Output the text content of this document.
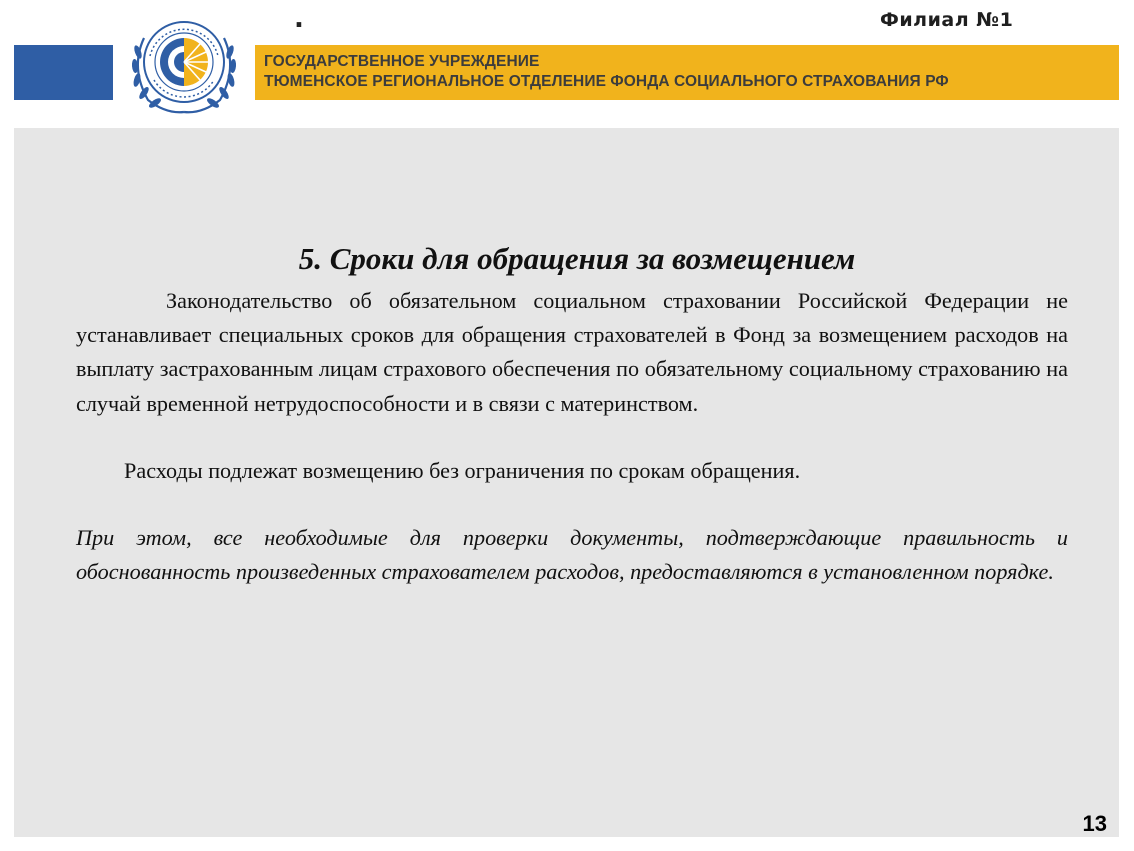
.	Филиал №1
ГОСУДАРСТВЕННОЕ УЧРЕЖДЕНИЕ
ТЮМЕНСКОЕ РЕГИОНАЛЬНОЕ ОТДЕЛЕНИЕ ФОНДА СОЦИАЛЬНОГО СТРАХОВАНИЯ РФ
5. Сроки для обращения за возмещением

Законодательство об обязательном социальном страховании Российской Федерации не устанавливает специальных сроков для обращения страхователей в Фонд за возмещением расходов на выплату застрахованным лицам страхового обеспечения по обязательному социальному страхованию на случай временной нетрудоспособности и в связи с материнством.

Расходы подлежат возмещению без ограничения по срокам обращения.

При этом, все необходимые для проверки документы, подтверждающие правильность и обоснованность произведенных страхователем расходов, предоставляются в установленном порядке.

13
